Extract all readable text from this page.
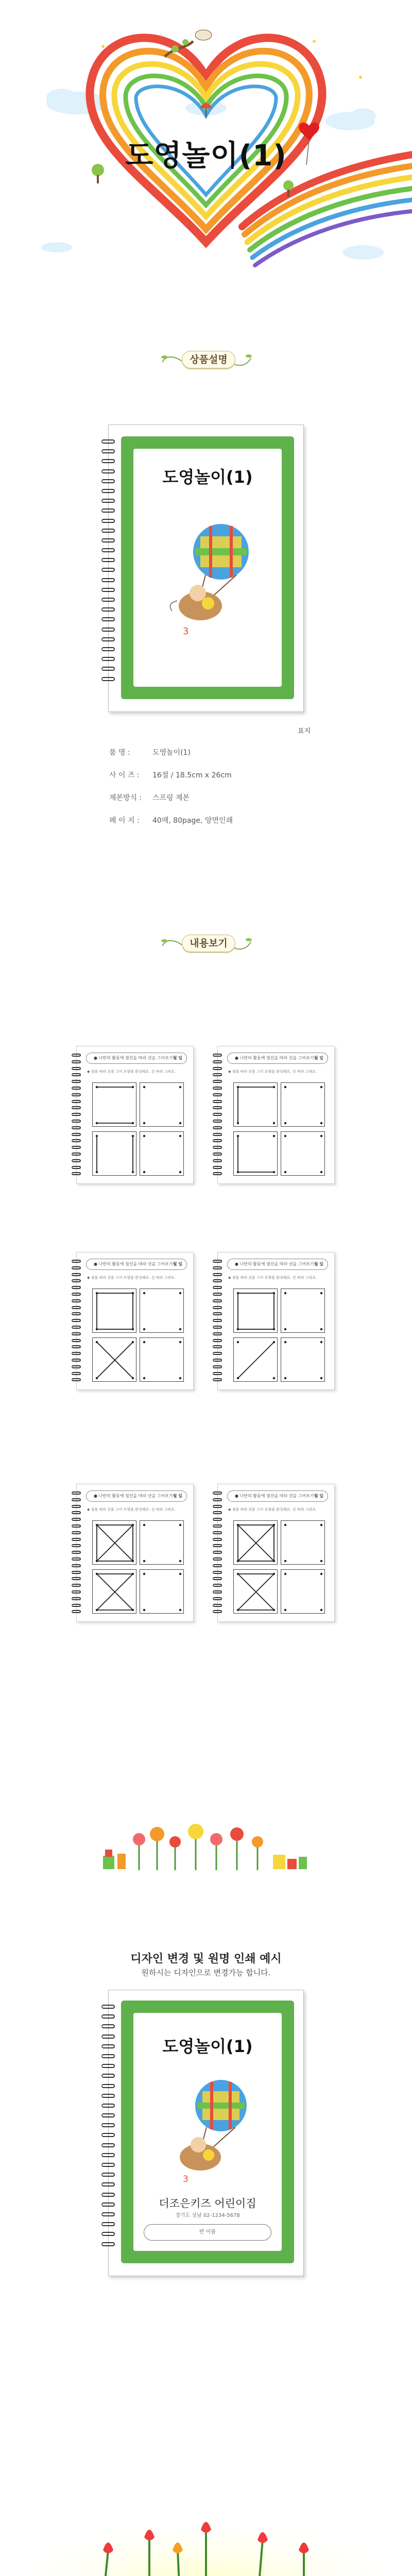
도영놀이(1)
상품설명
도영놀이(1)
3
표지
품 명 :	도영놀이(1)
사 이 즈 :	16절 / 18.5cm x 26cm
제본방식 :	스프링 제본
페 이 지 :	40매, 80page, 양면인쇄
내용보기
● 나만의 활동에 점선을 따라 선을 그어보기 월 일
◆ 점을 따라 선을 그어 모양을 완성해요. 선 따라 그려요.
● 나만의 활동에 점선을 따라 선을 그어보기 월 일
◆ 점을 따라 선을 그어 모양을 완성해요. 선 따라 그려요.
● 나만의 활동에 점선을 따라 선을 그어보기 월 일
◆ 점을 따라 선을 그어 모양을 완성해요. 선 따라 그려요.
● 나만의 활동에 점선을 따라 선을 그어보기 월 일
◆ 점을 따라 선을 그어 모양을 완성해요. 선 따라 그려요.
● 나만의 활동에 점선을 따라 선을 그어보기 월 일
◆ 점을 따라 선을 그어 모양을 완성해요. 선 따라 그려요.
● 나만의 활동에 점선을 따라 선을 그어보기 월 일
◆ 점을 따라 선을 그어 모양을 완성해요. 선 따라 그려요.
디자인 변경 및 원명 인쇄 예시
원하시는 디자인으로 변경가능 합니다.
도영놀이(1)
3
더조은키즈 어린이집
경기도 성남 02-1234-5678
반 이름
